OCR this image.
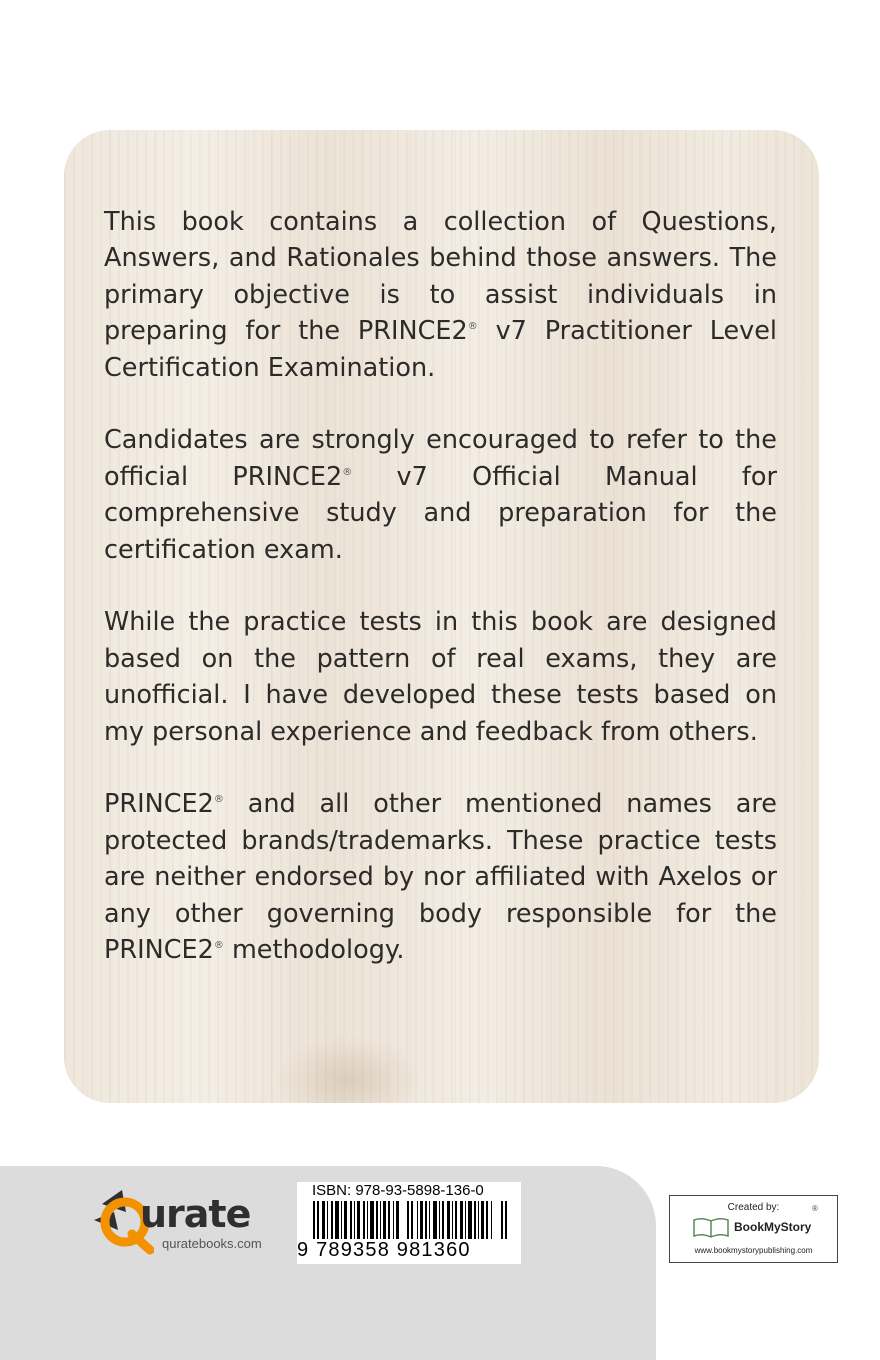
This book contains a collection of Questions, Answers, and Rationales behind those answers. The primary objective is to assist individuals in preparing for the PRINCE2® v7 Practitioner Level Certification Examination.

Candidates are strongly encouraged to refer to the official PRINCE2® v7 Official Manual for comprehensive study and preparation for the certification exam.

While the practice tests in this book are designed based on the pattern of real exams, they are unofficial. I have developed these tests based on my personal experience and feedback from others.

PRINCE2® and all other mentioned names are protected brands/trademarks. These practice tests are neither endorsed by nor affiliated with Axelos or any other governing body responsible for the PRINCE2® methodology.

urate
quratebooks.com
ISBN: 978-93-5898-136-0
9 789358 981360
Created by:
BookMyStory
®
www.bookmystorypublishing.com
